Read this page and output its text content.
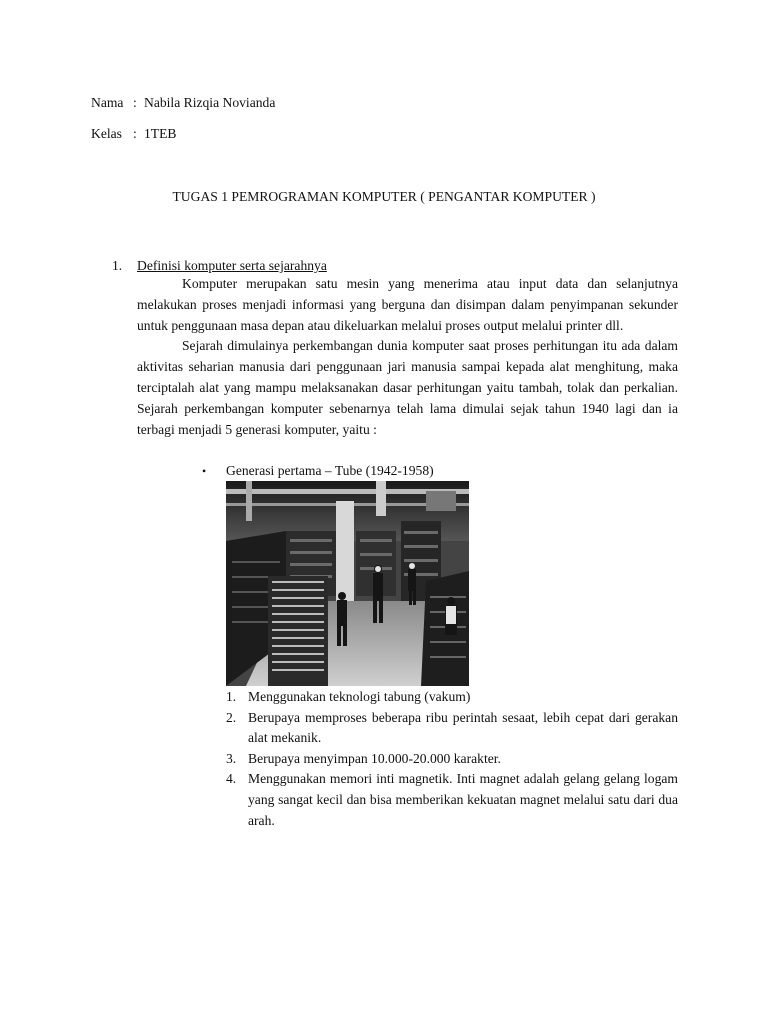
Nama : Nabila Rizqia Novianda
Kelas : 1TEB
TUGAS 1 PEMROGRAMAN KOMPUTER ( PENGANTAR KOMPUTER )
1. Definisi komputer serta sejarahnya

Komputer merupakan satu mesin yang menerima atau input data dan selanjutnya melakukan proses menjadi informasi yang berguna dan disimpan dalam penyimpanan sekunder untuk penggunaan masa depan atau dikeluarkan melalui proses output melalui printer dll.

Sejarah dimulainya perkembangan dunia komputer saat proses perhitungan itu ada dalam aktivitas seharian manusia dari penggunaan jari manusia sampai kepada alat menghitung, maka terciptalah alat yang mampu melaksanakan dasar perhitungan yaitu tambah, tolak dan perkalian. Sejarah perkembangan komputer sebenarnya telah lama dimulai sejak tahun 1940 lagi dan ia terbagi menjadi 5 generasi komputer, yaitu :

• Generasi pertama – Tube (1942-1958)
1. Menggunakan teknologi tabung (vakum)
2. Berupaya memproses beberapa ribu perintah sesaat, lebih cepat dari gerakan alat mekanik.
3. Berupaya menyimpan 10.000-20.000 karakter.
4. Menggunakan memori inti magnetik. Inti magnet adalah gelang gelang logam yang sangat kecil dan bisa memberikan kekuatan magnet melalui satu dari dua arah.
